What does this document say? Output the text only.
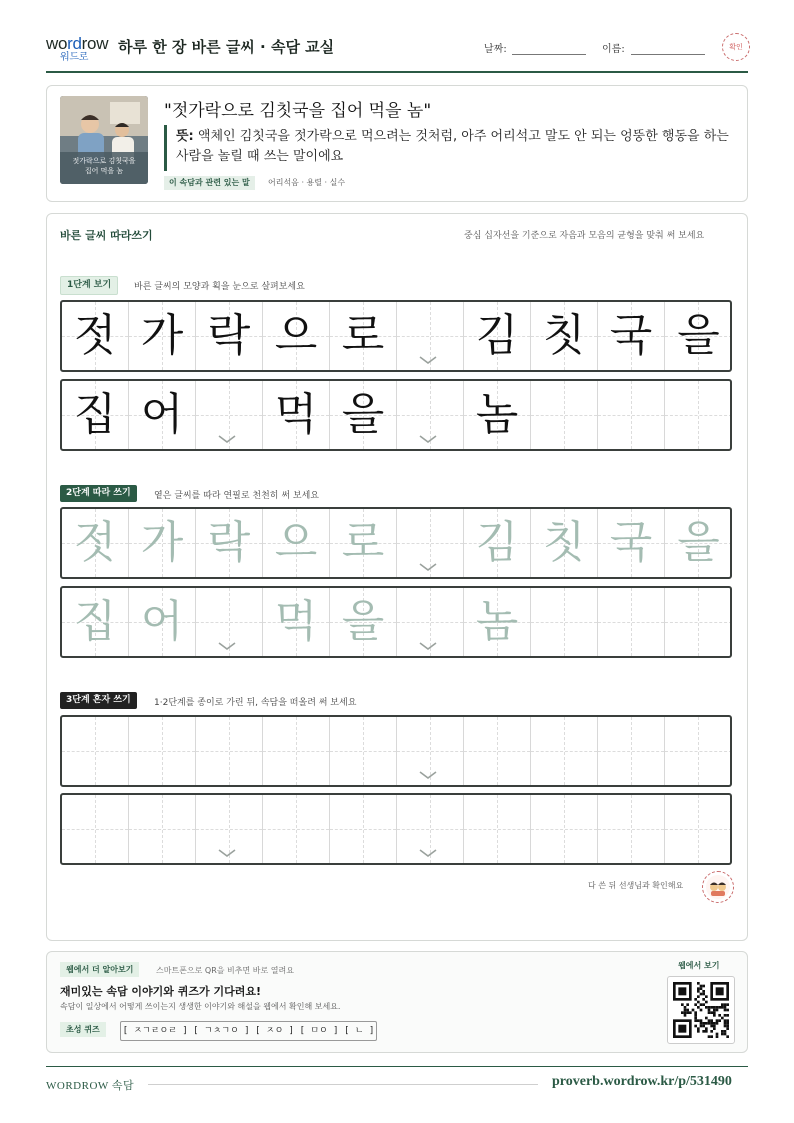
wordrow
워드로
하루 한 장 바른 글씨 · 속담 교실	날짜:	이름:	확인
젓가락으로 김칫국을
집어 먹을 놈
"젓가락으로 김칫국을 집어 먹을 놈"
뜻: 액체인 김칫국을 젓가락으로 먹으려는 것처럼, 아주 어리석고 말도 안 되는 엉뚱한 행동을 하는 사람을 놀릴 때 쓰는 말이에요
이 속담과 관련 있는 말	어리석음 · 용렬 · 실수
바른 글씨 따라쓰기	중심 십자선을 기준으로 자음과 모음의 균형을 맞춰 써 보세요
1단계 보기	바른 글씨의 모양과 획을 눈으로 살펴보세요
젓 가 락 으 로 김 칫 국 을
집 어 먹 을 놈
2단계 따라 쓰기	옅은 글씨를 따라 연필로 천천히 써 보세요
젓 가 락 으 로 김 칫 국 을
집 어 먹 을 놈
3단계 혼자 쓰기	1·2단계를 종이로 가린 뒤, 속담을 떠올려 써 보세요
다 쓴 뒤 선생님과 확인해요
웹에서 더 알아보기	스마트폰으로 QR을 비추면 바로 열려요
재미있는 속담 이야기와 퀴즈가 기다려요!
속담이 일상에서 어떻게 쓰이는지 생생한 이야기와 해설을 웹에서 확인해 보세요.
초성 퀴즈	[ ㅈㄱㄹㅇㄹ ] [ ㄱㅊㄱㅇ ] [ ㅈㅇ ] [ ㅁㅇ ] [ ㄴ ]
웹에서 보기
WORDROW 속담	proverb.wordrow.kr/p/531490
